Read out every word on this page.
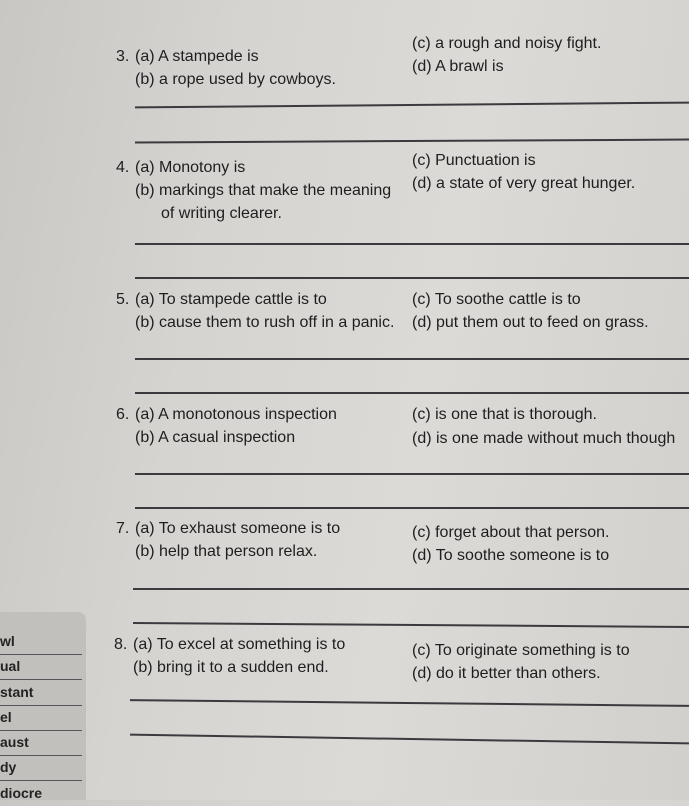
3. (a) A stampede is
(b) a rope used by cowboys.
(c) a rough and noisy fight.
(d) A brawl is
4. (a) Monotony is
(b) markings that make the meaning
of writing clearer.
(c) Punctuation is
(d) a state of very great hunger.
5. (a) To stampede cattle is to
(b) cause them to rush off in a panic.
(c) To soothe cattle is to
(d) put them out to feed on grass.
6. (a) A monotonous inspection
(b) A casual inspection
(c) is one that is thorough.
(d) is one made without much though
7. (a) To exhaust someone is to
(b) help that person relax.
(c) forget about that person.
(d) To soothe someone is to
8. (a) To excel at something is to
(b) bring it to a sudden end.
(c) To originate something is to
(d) do it better than others.
wl
ual
stant
el
aust
dy
diocre
